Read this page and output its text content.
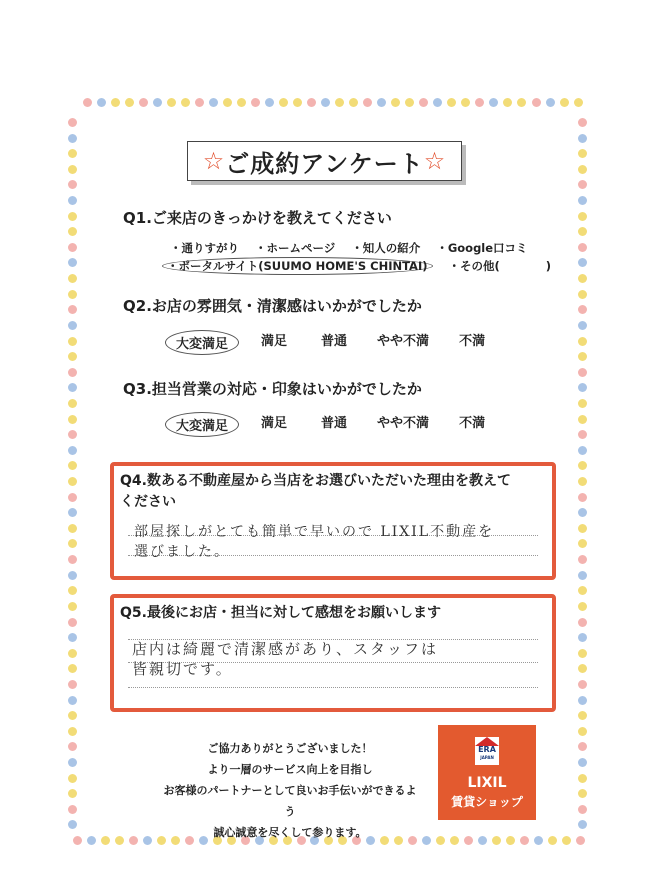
☆ ご成約アンケート ☆
Q1.ご来店のきっかけを教えてください
・通りすがり ・ホームページ ・知人の紹介 ・Google口コミ
・ポータルサイト(SUUMO HOME'S CHINTAI) ・その他(　　　　)
Q2.お店の雰囲気・清潔感はいかがでしたか
大変満足	満足	普通 やや不満 不満
Q3.担当営業の対応・印象はいかがでしたか
大変満足	満足	普通 やや不満 不満
Q4.数ある不動産屋から当店をお選びいただいた理由を教えて
ください
部屋探しがとても簡単で早いので LIXIL不動産を
選びました。
Q5.最後にお店・担当に対して感想をお願いします
店内は綺麗で清潔感があり、スタッフは
皆親切です。
ご協力ありがとうございました！
より一層のサービス向上を目指し
お客様のパートナーとして良いお手伝いができるよう
誠心誠意を尽くして参ります。
ERA
JAPAN
LIXIL
賃貸ショップ
